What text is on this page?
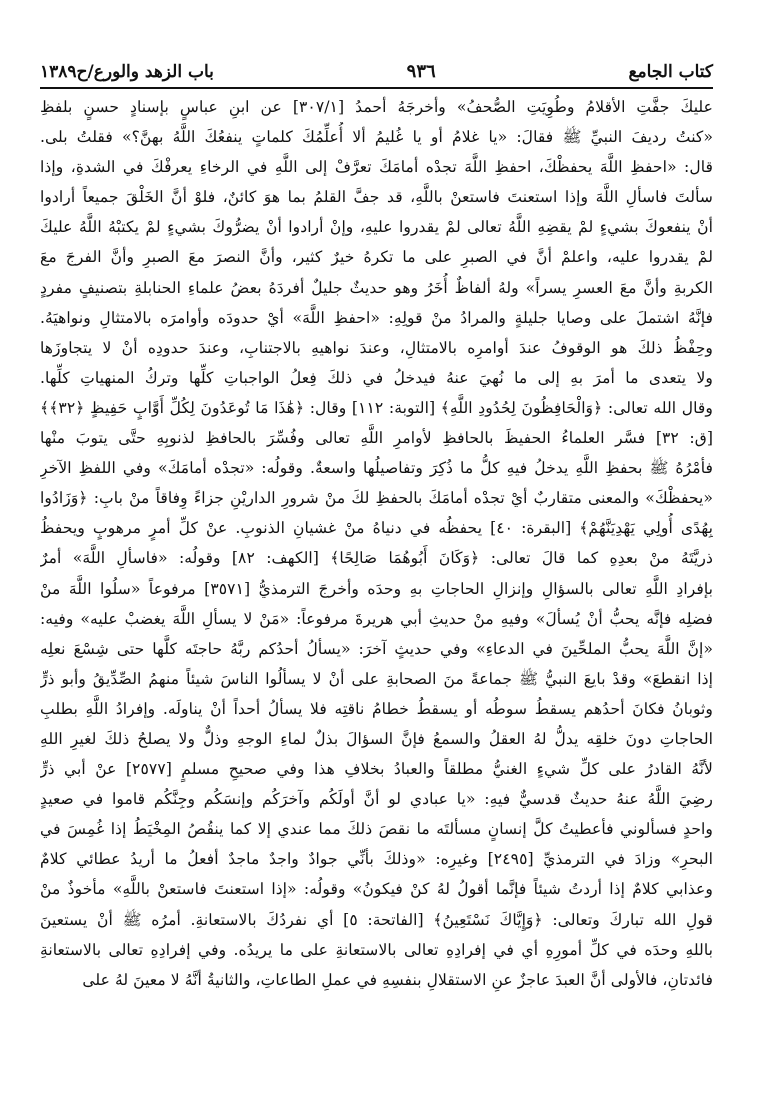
كتاب الجامع
٩٣٦
باب الزهد والورع/ح١٣٨٩
عليكَ جفَّتِ الأقلامُ وطُوِيَتِ الصُّحفُ» وأخرجَهُ أحمدُ [٣٠٧/١] عن ابنِ عباسٍ بإسنادٍ حسنٍ بلفظِ
«كنتُ رديفَ النبيِّ ﷺ فقالَ: «يا غلامُ أو يا غُليمُ ألا أُعلِّمُكَ كلماتٍ ينفعُكَ اللَّهُ بهنَّ؟» فقلتُ بلى.
قال: «احفظِ اللَّهَ يحفظْكَ، احفظِ اللَّهَ تجدْه أمامَكَ تعرَّفْ إلى اللَّهِ في الرخاءِ يعرفْكَ في الشدةِ، وإذا
سألتَ فاسألِ اللَّهَ وإذا استعنتَ فاستعنْ باللَّهِ، قد جفَّ القلمُ بما هوَ كائنٌ، فلوْ أنَّ الخَلْقَ جميعاً أرادوا
أنْ ينفعوكَ بشيءٍ لمْ يقضِهِ اللَّهُ تعالى لمْ يقدروا عليهِ، وإنْ أرادوا أنْ يضرُّوكَ بشيءٍ لمْ يكتبْهُ اللَّهُ عليكَ
لمْ يقدروا عليه، واعلمْ أنَّ في الصبرِ على ما تكرهُ خيرٌ كثير، وأنَّ النصرَ معَ الصبرِ وأنَّ الفرجَ معَ
الكربةِ وأنَّ معَ العسرِ يسراً» ولهُ ألفاظٌ أُخَرُ وهو حديثٌ جليلٌ أفردَهُ بعضُ علماءِ الحنابلةِ بتصنيفٍ مفردٍ
فإنَّهُ اشتملَ على وصايا جليلةٍ والمرادُ منْ قولِهِ: «احفظِ اللَّهَ» أيْ حدودَه وأوامرَه بالامتثالِ ونواهيَهُ.
وحِفْظُ ذلكَ هو الوقوفُ عندَ أوامرِه بالامتثالِ، وعندَ نواهيهِ بالاجتنابِ، وعندَ حدودِه أنْ لا يتجاوزَها
ولا يتعدى ما أمرَ بهِ إلى ما نُهيَ عنهُ فيدخلُ في ذلكَ فِعلُ الواجباتِ كلِّها وتركُ المنهياتِ كلِّها.
وقال الله تعالى: ﴿وَالْحَافِظُونَ لِحُدُودِ اللَّهِ﴾ [التوبة: ١١٢] وقال: ﴿هَٰذَا مَا تُوعَدُونَ لِكُلِّ أَوَّابٍ حَفِيظٍ ﴿٣٢﴾﴾
[ق: ٣٢] فسَّر العلماءُ الحفيظَ بالحافظِ لأوامرِ اللَّهِ تعالى وفُسِّرَ بالحافظِ لذنوبِهِ حتَّى يتوبَ منْها
فأمْرُهُ ﷺ بحفظِ اللَّهِ يدخلُ فيهِ كلُّ ما ذُكِرَ وتفاصيلُها واسعةٌ. وقولُه: «تجدْه أمامَكَ» وفي اللفظِ الآخرِ
«يحفظْكَ» والمعنى متقاربٌ أيْ تجدْه أمامَكَ بالحفظِ لكَ منْ شرورِ الداريْنِ جزاءً وِفاقاً منْ بابِ: ﴿وَزَادُوا
بِهُدًى أُولِي يَهْدِيَنَّهُمْ﴾ [البقرة: ٤٠] يحفظُه في دنياهُ منْ غشيانِ الذنوبِ. عنْ كلِّ أمرٍ مرهوبٍ ويحفظُ
ذريَّتَهُ منْ بعدِهِ كما قالَ تعالى: ﴿وَكَانَ أَبُوهُمَا صَالِحًا﴾ [الكهف: ٨٢] وقولُه: «فاسألِ اللَّهَ» أمرٌ
بإفرادِ اللَّهِ تعالى بالسؤالِ وإنزالِ الحاجاتِ بهِ وحدَه وأخرجَ الترمذيُّ [٣٥٧١] مرفوعاً «سلُوا اللَّهَ منْ
فضلِه فإنَّه يحبُّ أنْ يُسألَ» وفيهِ منْ حديثِ أبي هريرةَ مرفوعاً: «مَنْ لا يسألِ اللَّهَ يغضبْ عليه» وفيه:
«إنَّ اللَّهَ يحبُّ الملحِّينَ في الدعاءِ» وفي حديثٍ آخرَ: «يسألُ أحدُكم ربَّهُ حاجتَه كلَّها حتى شِسْعَ نعلِه
إذا انقطعَ» وقدْ بايعَ النبيُّ ﷺ جماعةً منَ الصحابةِ على أنْ لا يسألُوا الناسَ شيئاً منهمُ الصِّدِّيقُ وأبو ذرٍّ
وثوبانُ فكانَ أحدُهم يسقطُ سوطُه أو يسقطُ خطامُ ناقتِه فلا يسألُ أحداً أنْ يناولَه. وإفرادُ اللَّهِ بطلبِ
الحاجاتِ دونَ خلقِه يدلُّ لهُ العقلُ والسمعُ فإنَّ السؤالَ بذلٌ لماءِ الوجهِ وذلٌّ ولا يصلحُ ذلكَ لغيرِ اللهِ
لأنَّهُ القادرُ على كلِّ شيءٍ الغنيُّ مطلقاً والعبادُ بخلافِ هذا وفي صحيحِ مسلمٍ [٢٥٧٧] عنْ أبي ذرٍّ
رضِيَ اللَّهُ عنهُ حديثٌ قدسيٌّ فيهِ: «يا عبادي لو أنَّ أولَكُم وآخرَكُم وإنسَكُم وجِنَّكُم قاموا في صعيدٍ
واحدٍ فسألوني فأعطيتُ كلَّ إنسانٍ مسألتَه ما نقصَ ذلكَ مما عندي إلا كما ينقُصُ المِخْيَطُ إذا غُمِسَ في
البحرِ» وزادَ في الترمذيِّ [٢٤٩٥] وغيرِه: «وذلكَ بأنِّي جوادٌ واجدٌ ماجدٌ أفعلُ ما أريدُ عطائي كلامٌ
وعذابي كلامٌ إذا أردتُ شيئاً فإنَّما أقولُ لهُ كنْ فيكونُ» وقولُه: «إذا استعنتَ فاستعنْ باللَّهِ» مأخوذٌ منْ
قولِ الله تباركَ وتعالى: ﴿وَإِيَّاكَ نَسْتَعِينُ﴾ [الفاتحة: ٥] أي نفردُكَ بالاستعانةِ. أمرُه ﷺ أنْ يستعينَ
باللهِ وحدَه في كلِّ أمورِهِ أي في إفرادِهِ تعالى بالاستعانةِ على ما يريدُه. وفي إفرادِهِ تعالى بالاستعانةِ
فائدتانِ، فالأولى أنَّ العبدَ عاجزٌ عنِ الاستقلالِ بنفسِهِ في عملِ الطاعاتِ، والثانيةُ أنَّهُ لا معينَ لهُ على
